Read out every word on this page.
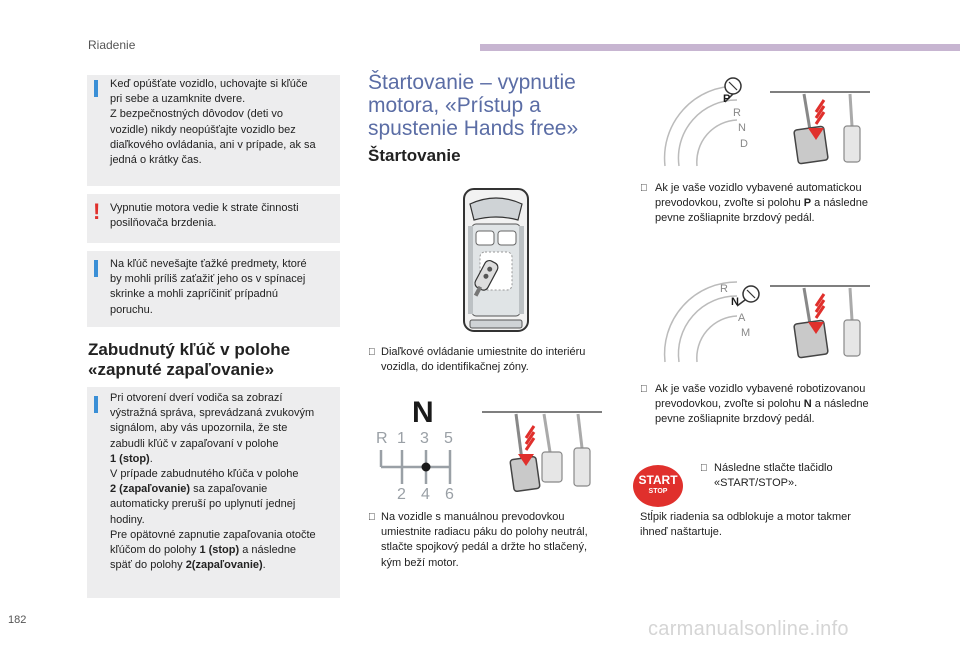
Riadenie
Keď opúšťate vozidlo, uchovajte si kľúče
pri sebe a uzamknite dvere.
Z bezpečnostných dôvodov (deti vo
vozidle) nikdy neopúšťajte vozidlo bez
diaľkového ovládania, ani v prípade, ak sa
jedná o krátky čas.
! Vypnutie motora vedie k strate činnosti
posilňovača brzdenia.
Na kľúč nevešajte ťažké predmety, ktoré
by mohli príliš zaťažiť jeho os v spínacej
skrinke a mohli zapríčiniť prípadnú
poruchu.
Zabudnutý kľúč v polohe
«zapnuté zapaľovanie»
Pri otvorení dverí vodiča sa zobrazí
výstražná správa, sprevádzaná zvukovým
signálom, aby vás upozornila, že ste
zabudli kľúč v zapaľovaní v polohe
1 (stop).
V prípade zabudnutého kľúča v polohe
2 (zapaľovanie) sa zapaľovanie
automaticky preruší po uplynutí jednej
hodiny.
Pre opätovné zapnutie zapaľovania otočte
kľúčom do polohy 1 (stop) a následne
späť do polohy 2(zapaľovanie).
182
Štartovanie – vypnutie
motora, «Prístup a
spustenie Hands free»
Štartovanie
Diaľkové ovládanie umiestnite do interiéru
vozidla, do identifikačnej zóny.
N
R 1 3 5
2 4 6
Na vozidle s manuálnou prevodovkou
umiestnite radiacu páku do polohy neutrál,
stlačte spojkový pedál a držte ho stlačený,
kým beží motor.
P
R
N
D
Ak je vaše vozidlo vybavené automatickou
prevodovkou, zvoľte si polohu P a následne
pevne zošliapnite brzdový pedál.
R
N
A
M
Ak je vaše vozidlo vybavené robotizovanou
prevodovkou, zvoľte si polohu N a následne
pevne zošliapnite brzdový pedál.
START
STOP
Následne stlačte tlačidlo
«START/STOP».
Stĺpik riadenia sa odblokuje a motor takmer
ihneď naštartuje.
carmanualsonline.info
